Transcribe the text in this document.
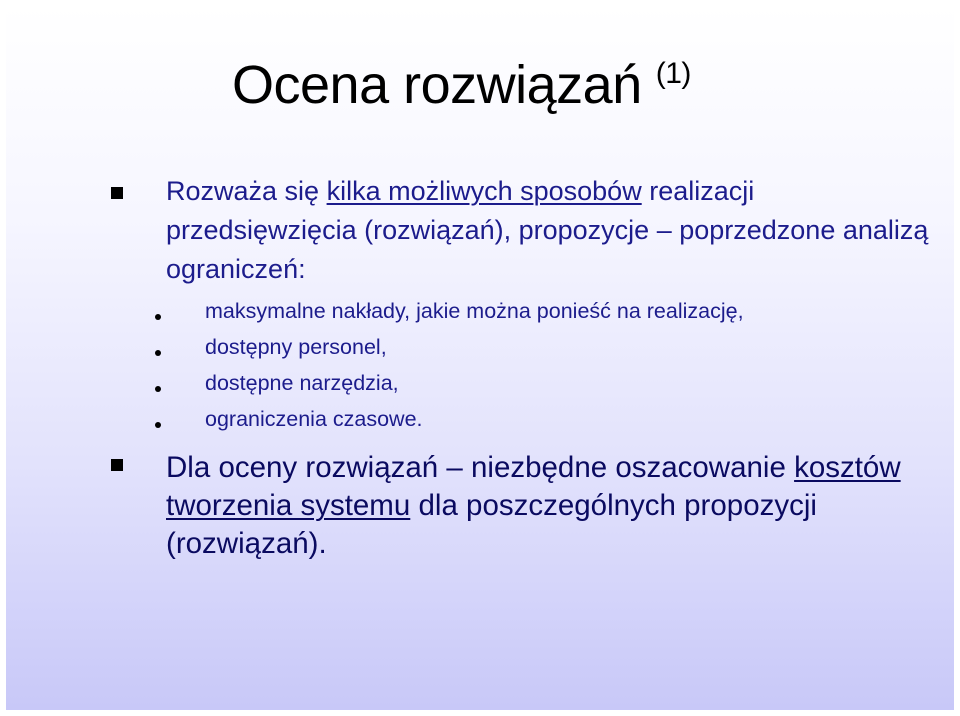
Ocena rozwiązań $^{(1)}$
Rozważa się kilka możliwych sposobów realizacji przedsięwzięcia (rozwiązań), propozycje – poprzedzone analizą ograniczeń:
maksymalne nakłady, jakie można ponieść na realizację,
dostępny personel,
dostępne narzędzia,
ograniczenia czasowe.
Dla oceny rozwiązań – niezbędne oszacowanie kosztów tworzenia systemu dla poszczególnych propozycji (rozwiązań).
